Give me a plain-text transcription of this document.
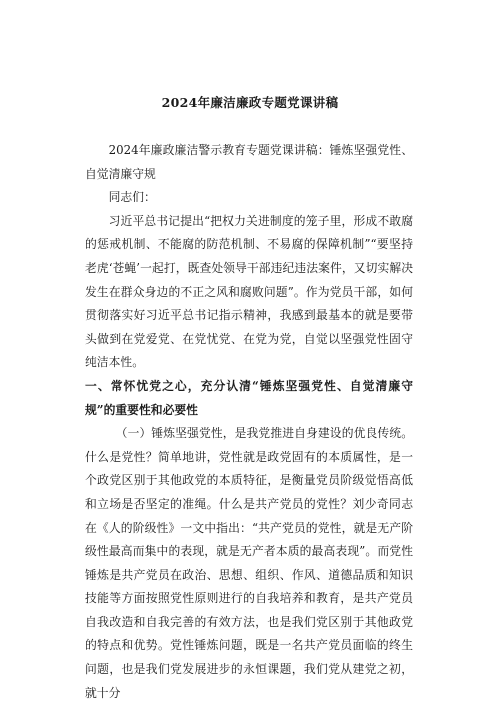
2024年廉洁廉政专题党课讲稿

2024年廉政廉洁警示教育专题党课讲稿：锤炼坚强党性、自觉清廉守规

同志们：

习近平总书记提出“把权力关进制度的笼子里，形成不敢腐的惩戒机制、不能腐的防范机制、不易腐的保障机制”“要坚持老虎‘苍蝇’一起打，既查处领导干部违纪违法案件，又切实解决发生在群众身边的不正之风和腐败问题”。作为党员干部，如何贯彻落实好习近平总书记指示精神，我感到最基本的就是要带头做到在党爱党、在党忧党、在党为党，自觉以坚强党性固守纯洁本性。

一、常怀忧党之心，充分认清“锤炼坚强党性、自觉清廉守规”的重要性和必要性

（一）锤炼坚强党性，是我党推进自身建设的优良传统。什么是党性？简单地讲，党性就是政党固有的本质属性，是一个政党区别于其他政党的本质特征，是衡量党员阶级觉悟高低和立场是否坚定的准绳。什么是共产党员的党性？刘少奇同志在《人的阶级性》一文中指出：“共产党员的党性，就是无产阶级性最高而集中的表现，就是无产者本质的最高表现”。而党性锤炼是共产党员在政治、思想、组织、作风、道德品质和知识技能等方面按照党性原则进行的自我培养和教育，是共产党员自我改造和自我完善的有效方法，也是我们党区别于其他政党的特点和优势。党性锤炼问题，既是一名共产党员面临的终生问题，也是我们党发展进步的永恒课题，我们党从建党之初，就十分
